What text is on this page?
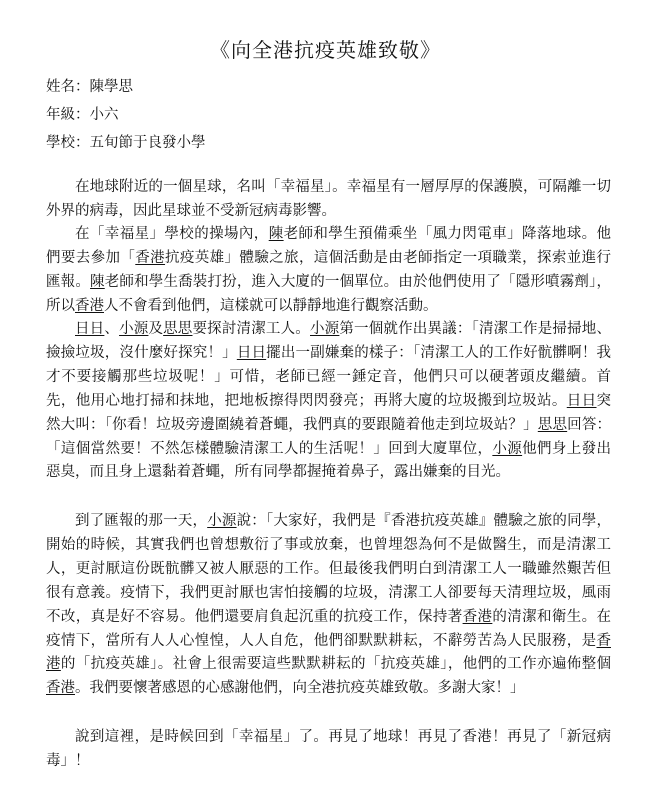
《向全港抗疫英雄致敬》
姓名：陳學思
年級：小六
學校：五旬節于良發小學

在地球附近的一個星球，名叫「幸福星」。幸福星有一層厚厚的保護膜，可隔離一切外界的病毒，因此星球並不受新冠病毒影響。

在「幸福星」學校的操場內，陳老師和學生預備乘坐「風力閃電車」降落地球。他們要去參加「香港抗疫英雄」體驗之旅，這個活動是由老師指定一項職業，探索並進行匯報。陳老師和學生喬裝打扮，進入大廈的一個單位。由於他們使用了「隱形噴霧劑」，所以香港人不會看到他們，這樣就可以靜靜地進行觀察活動。

日日、小源及思思要探討清潔工人。小源第一個就作出異議：「清潔工作是掃掃地、撿撿垃圾，沒什麼好探究！」日日擺出一副嫌棄的樣子：「清潔工人的工作好骯髒啊！我才不要接觸那些垃圾呢！」可惜，老師已經一錘定音，他們只可以硬著頭皮繼續。首先，他用心地打掃和抹地，把地板擦得閃閃發亮；再將大廈的垃圾搬到垃圾站。日日突然大叫：「你看！垃圾旁邊圍繞着蒼蠅，我們真的要跟隨着他走到垃圾站？」思思回答：「這個當然要！不然怎樣體驗清潔工人的生活呢！」回到大廈單位，小源他們身上發出惡臭，而且身上還黏着蒼蠅，所有同學都握掩着鼻子，露出嫌棄的目光。

到了匯報的那一天，小源說：「大家好，我們是『香港抗疫英雄』體驗之旅的同學，開始的時候，其實我們也曾想敷衍了事或放棄，也曾埋怨為何不是做醫生，而是清潔工人，更討厭這份既骯髒又被人厭惡的工作。但最後我們明白到清潔工人一職雖然艱苦但很有意義。疫情下，我們更討厭也害怕接觸的垃圾，清潔工人卻要每天清理垃圾，風雨不改，真是好不容易。他們還要肩負起沉重的抗疫工作，保持著香港的清潔和衛生。在疫情下，當所有人人心惶惶，人人自危，他們卻默默耕耘，不辭勞苦為人民服務，是香港的「抗疫英雄」。社會上很需要這些默默耕耘的「抗疫英雄」，他們的工作亦遍佈整個香港。我們要懷著感恩的心感謝他們，向全港抗疫英雄致敬。多謝大家！」

說到這裡，是時候回到「幸福星」了。再見了地球！再見了香港！再見了「新冠病毒」！
